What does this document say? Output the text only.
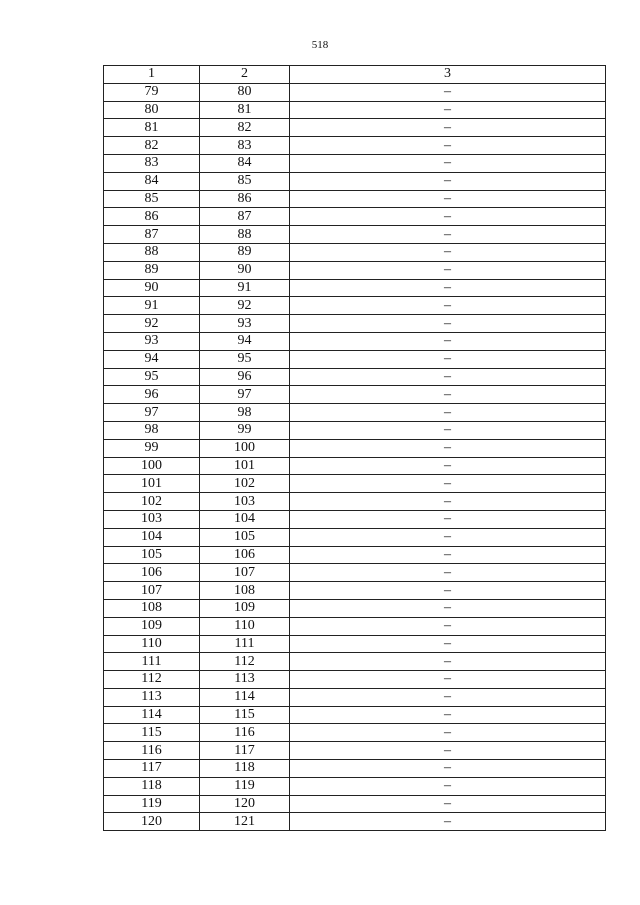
518
1	2	3
79	80	–
80	81	–
81	82	–
82	83	–
83	84	–
84	85	–
85	86	–
86	87	–
87	88	–
88	89	–
89	90	–
90	91	–
91	92	–
92	93	–
93	94	–
94	95	–
95	96	–
96	97	–
97	98	–
98	99	–
99	100	–
100	101	–
101	102	–
102	103	–
103	104	–
104	105	–
105	106	–
106	107	–
107	108	–
108	109	–
109	110	–
110	111	–
111	112	–
112	113	–
113	114	–
114	115	–
115	116	–
116	117	–
117	118	–
118	119	–
119	120	–
120	121	–
